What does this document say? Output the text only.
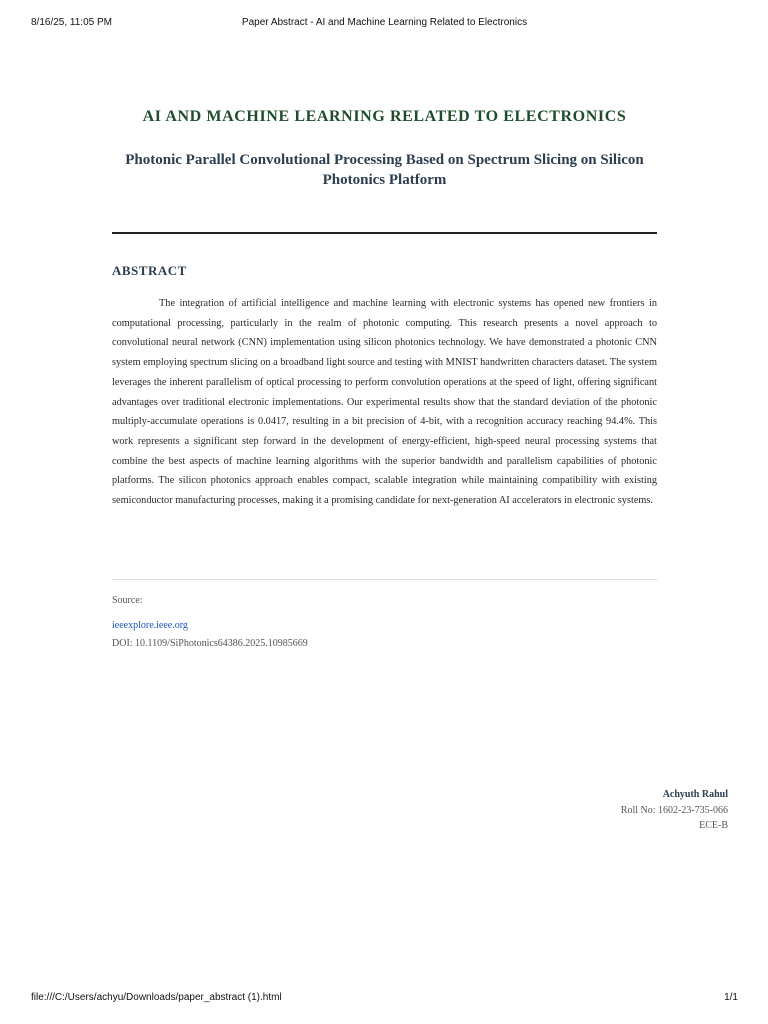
8/16/25, 11:05 PM	Paper Abstract - AI and Machine Learning Related to Electronics
AI AND MACHINE LEARNING RELATED TO ELECTRONICS
Photonic Parallel Convolutional Processing Based on Spectrum Slicing on Silicon Photonics Platform
ABSTRACT

The integration of artificial intelligence and machine learning with electronic systems has opened new frontiers in computational processing, particularly in the realm of photonic computing. This research presents a novel approach to convolutional neural network (CNN) implementation using silicon photonics technology. We have demonstrated a photonic CNN system employing spectrum slicing on a broadband light source and testing with MNIST handwritten characters dataset. The system leverages the inherent parallelism of optical processing to perform convolution operations at the speed of light, offering significant advantages over traditional electronic implementations. Our experimental results show that the standard deviation of the photonic multiply-accumulate operations is 0.0417, resulting in a bit precision of 4-bit, with a recognition accuracy reaching 94.4%. This work represents a significant step forward in the development of energy-efficient, high-speed neural processing systems that combine the best aspects of machine learning algorithms with the superior bandwidth and parallelism capabilities of photonic platforms. The silicon photonics approach enables compact, scalable integration while maintaining compatibility with existing semiconductor manufacturing processes, making it a promising candidate for next-generation AI accelerators in electronic systems.

Source:
ieeexplore.ieee.org
DOI: 10.1109/SiPhotonics64386.2025.10985669
Achyuth Rahul
Roll No: 1602-23-735-066
ECE-B
file:///C:/Users/achyu/Downloads/paper_abstract (1).html	1/1
